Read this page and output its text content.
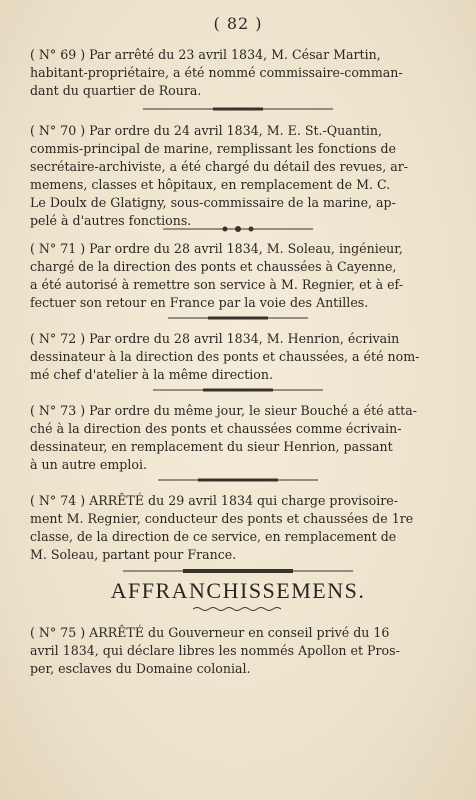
( 82 )

( N° 69 ) Par arrêté du 23 avril 1834, M. César Martin,

habitant-propriétaire, a été nommé commissaire-comman-

dant du quartier de Roura.

( N° 70 ) Par ordre du 24 avril 1834, M. E. St.-Quantin,

commis-principal de marine, remplissant les fonctions de

secrétaire-archiviste, a été chargé du détail des revues, ar-

memens, classes et hôpitaux, en remplacement de M. C.

Le Doulx de Glatigny, sous-commissaire de la marine, ap-

pelé à d'autres fonctions.

( N° 71 ) Par ordre du 28 avril 1834, M. Soleau, ingénieur,

chargé de la direction des ponts et chaussées à Cayenne,

a été autorisé à remettre son service à M. Regnier, et à ef-

fectuer son retour en France par la voie des Antilles.

( N° 72 ) Par ordre du 28 avril 1834, M. Henrion, écrivain

dessinateur à la direction des ponts et chaussées, a été nom-

mé chef d'atelier à la même direction.

( N° 73 ) Par ordre du même jour, le sieur Bouché a été atta-

ché à la direction des ponts et chaussées comme écrivain-

dessinateur, en remplacement du sieur Henrion, passant

à un autre emploi.

( N° 74 ) ARRÊTÉ du 29 avril 1834 qui charge provisoire-

ment M. Regnier, conducteur des ponts et chaussées de 1re

classe, de la direction de ce service, en remplacement de

M. Soleau, partant pour France.

AFFRANCHISSEMENS.

( N° 75 ) ARRÊTÉ du Gouverneur en conseil privé du 16

avril 1834, qui déclare libres les nommés Apollon et Pros-

per, esclaves du Domaine colonial.
